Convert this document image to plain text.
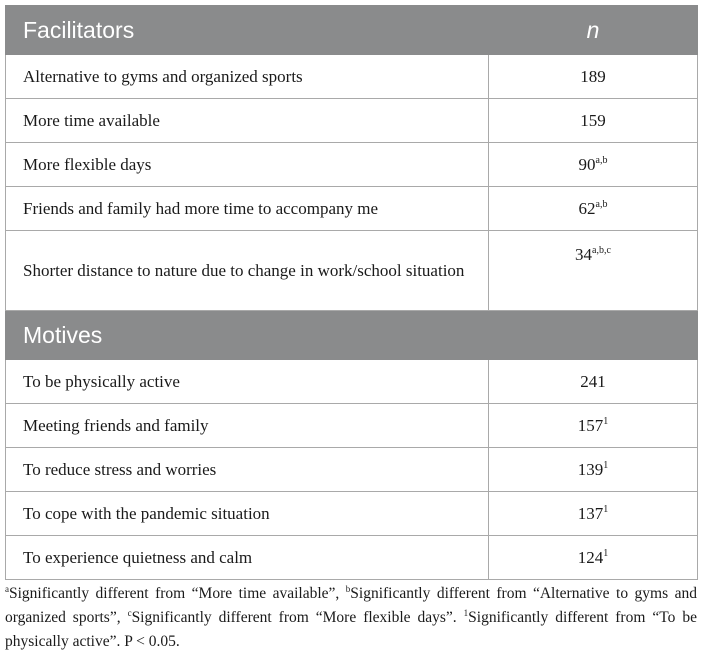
Facilitators	n
Alternative to gyms and organized sports	189
More time available	159
More flexible days	90$^{a,b}$
Friends and family had more time to accompany me	62$^{a,b}$
Shorter distance to nature due to change in work/school situation	34$^{a,b,c}$
Motives	
To be physically active	241
Meeting friends and family	$157^1$
To reduce stress and worries	$139^1$
To cope with the pandemic situation	$137^1$
To experience quietness and calm	$124^1$
$^a$Significantly different from “More time available”, $^b$Significantly different from “Alternative to gyms and organized sports”, $^c$Significantly different from “More flexible days”. $^1$Significantly different from “To be physically active”. P < 0.05.
